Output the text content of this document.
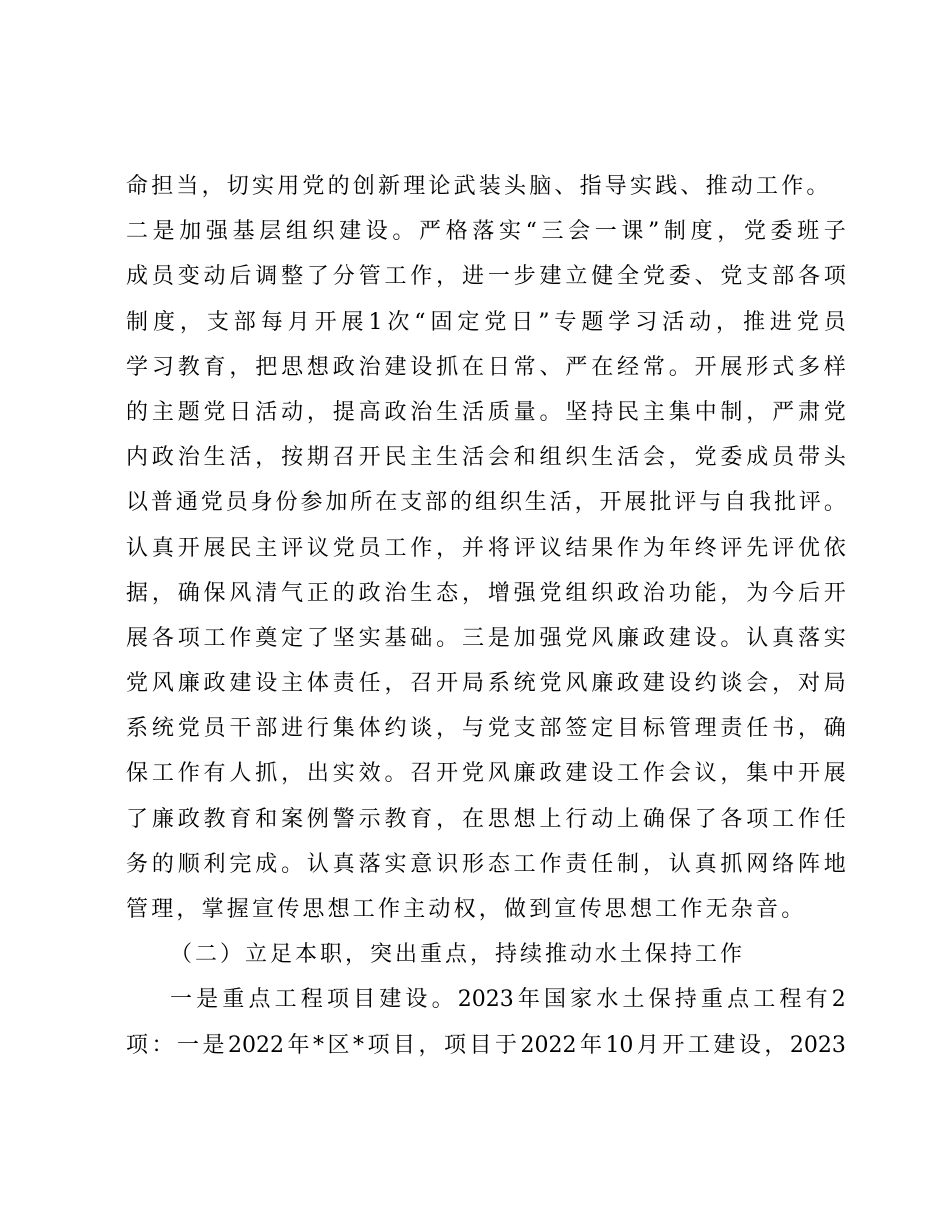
命担当，切实用党的创新理论武装头脑、指导实践、推动工作。
二 是 加 强 基 层 组 织 建 设 。 严 格 落 实 “ 三 会 一 课 ” 制 度 ， 党 委 班 子
成 员 变 动 后 调 整 了 分 管 工 作 ， 进 一 步 建 立 健 全 党 委 、 党 支 部 各 项
制 度 ， 支 部 每 月 开 展 1 次 “ 固 定 党 日 ” 专 题 学 习 活 动 ， 推 进 党 员
学 习 教 育 ， 把 思 想 政 治 建 设 抓 在 日 常 、 严 在 经 常 。 开 展 形 式 多 样
的 主 题 党 日 活 动 ， 提 高 政 治 生 活 质 量 。 坚 持 民 主 集 中 制 ， 严 肃 党
内 政 治 生 活 ， 按 期 召 开 民 主 生 活 会 和 组 织 生 活 会 ， 党 委 成 员 带 头
以 普 通 党 员 身 份 参 加 所 在 支 部 的 组 织 生 活 ， 开 展 批 评 与 自 我 批 评 。
认 真 开 展 民 主 评 议 党 员 工 作 ， 并 将 评 议 结 果 作 为 年 终 评 先 评 优 依
据 ， 确 保 风 清 气 正 的 政 治 生 态 ， 增 强 党 组 织 政 治 功 能 ， 为 今 后 开
展 各 项 工 作 奠 定 了 坚 实 基 础 。 三 是 加 强 党 风 廉 政 建 设 。 认 真 落 实
党 风 廉 政 建 设 主 体 责 任 ， 召 开 局 系 统 党 风 廉 政 建 设 约 谈 会 ， 对 局
系 统 党 员 干 部 进 行 集 体 约 谈 ， 与 党 支 部 签 定 目 标 管 理 责 任 书 ， 确
保 工 作 有 人 抓 ， 出 实 效 。 召 开 党 风 廉 政 建 设 工 作 会 议 ， 集 中 开 展
了 廉 政 教 育 和 案 例 警 示 教 育 ， 在 思 想 上 行 动 上 确 保 了 各 项 工 作 任
务 的 顺 利 完 成 。 认 真 落 实 意 识 形 态 工 作 责 任 制 ， 认 真 抓 网 络 阵 地
管理，掌握宣传思想工作主动权，做到宣传思想工作无杂音。
（二）立足本职，突出重点，持续推动水土保持工作
一 是 重 点 工 程 项 目 建 设 。 2023 年 国 家 水 土 保 持 重 点 工 程 有 2
项 ： 一 是 2022 年 * 区 * 项 目 ， 项 目 于 2022 年 10 月 开 工 建 设 ， 2023
